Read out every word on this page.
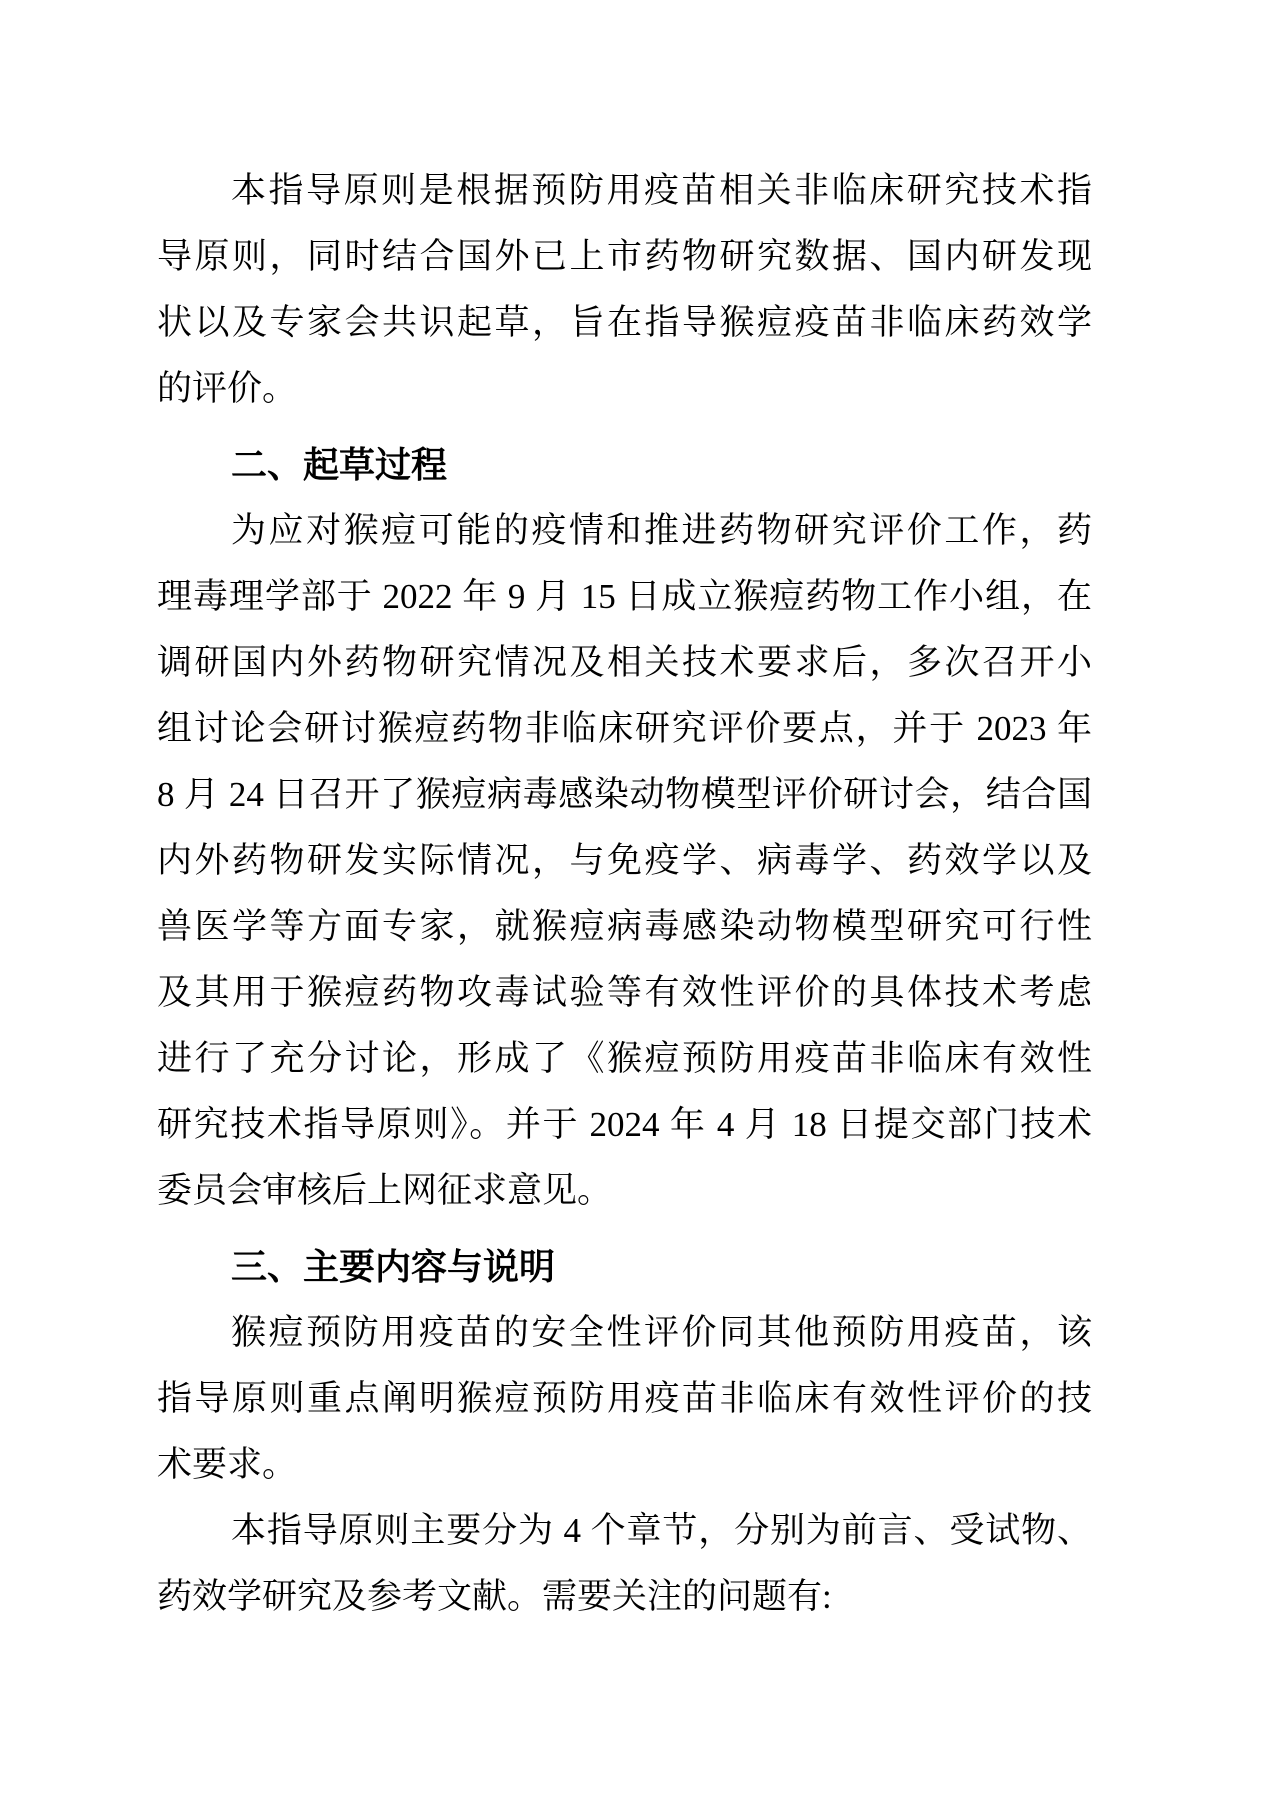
本指导原则是根据预防用疫苗相关非临床研究技术指
导原则，同时结合国外已上市药物研究数据、国内研发现
状以及专家会共识起草，旨在指导猴痘疫苗非临床药效学
的评价。
二、起草过程
为应对猴痘可能的疫情和推进药物研究评价工作，药
理毒理学部于 2022 年 9 月 15 日成立猴痘药物工作小组，在
调研国内外药物研究情况及相关技术要求后，多次召开小
组讨论会研讨猴痘药物非临床研究评价要点，并于 2023 年
8 月 24 日召开了猴痘病毒感染动物模型评价研讨会，结合国
内外药物研发实际情况，与免疫学、病毒学、药效学以及
兽医学等方面专家，就猴痘病毒感染动物模型研究可行性
及其用于猴痘药物攻毒试验等有效性评价的具体技术考虑
进行了充分讨论，形成了《猴痘预防用疫苗非临床有效性
研究技术指导原则》。并于 2024 年 4 月 18 日提交部门技术
委员会审核后上网征求意见。
三、主要内容与说明
猴痘预防用疫苗的安全性评价同其他预防用疫苗，该
指导原则重点阐明猴痘预防用疫苗非临床有效性评价的技
术要求。
本指导原则主要分为 4 个章节，分别为前言、受试物、
药效学研究及参考文献。需要关注的问题有:
